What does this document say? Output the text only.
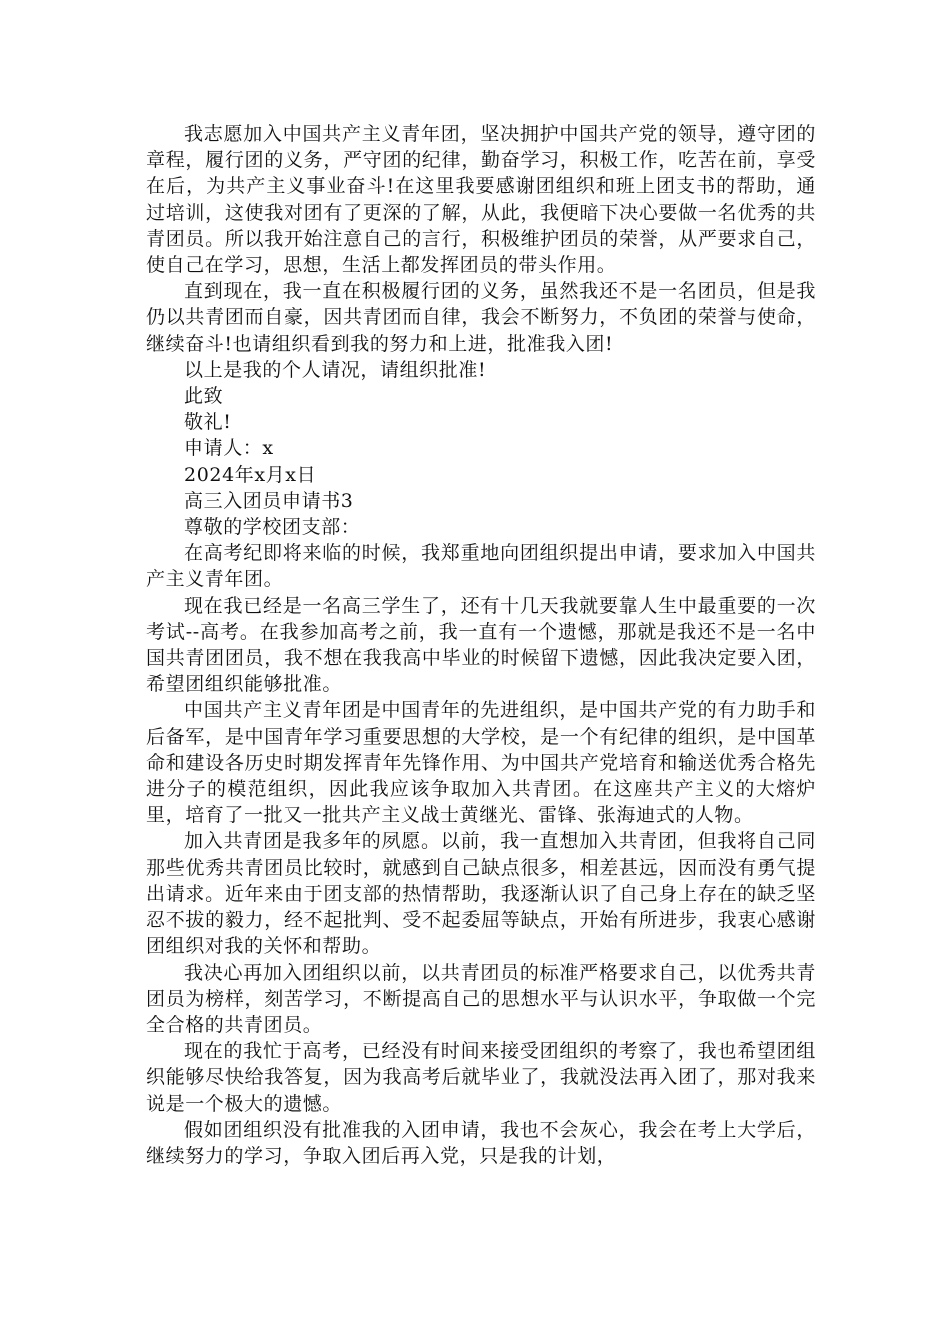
我志愿加入中国共产主义青年团，坚决拥护中国共产党的领导，遵守团的章程，履行团的义务，严守团的纪律，勤奋学习，积极工作，吃苦在前，享受在后，为共产主义事业奋斗!在这里我要感谢团组织和班上团支书的帮助，通过培训，这使我对团有了更深的了解，从此，我便暗下决心要做一名优秀的共青团员。所以我开始注意自己的言行，积极维护团员的荣誉，从严要求自己，使自己在学习，思想，生活上都发挥团员的带头作用。

直到现在，我一直在积极履行团的义务，虽然我还不是一名团员，但是我仍以共青团而自豪，因共青团而自律，我会不断努力，不负团的荣誉与使命，继续奋斗!也请组织看到我的努力和上进，批准我入团!

以上是我的个人请况，请组织批准!

此致

敬礼!

申请人：x

2024年x月x日

高三入团员申请书3

尊敬的学校团支部：

在高考纪即将来临的时候，我郑重地向团组织提出申请，要求加入中国共产主义青年团。

现在我已经是一名高三学生了，还有十几天我就要靠人生中最重要的一次考试--高考。在我参加高考之前，我一直有一个遗憾，那就是我还不是一名中国共青团团员，我不想在我我高中毕业的时候留下遗憾，因此我决定要入团，希望团组织能够批准。

中国共产主义青年团是中国青年的先进组织，是中国共产党的有力助手和后备军，是中国青年学习重要思想的大学校，是一个有纪律的组织，是中国革命和建设各历史时期发挥青年先锋作用、为中国共产党培育和输送优秀合格先进分子的模范组织，因此我应该争取加入共青团。在这座共产主义的大熔炉里，培育了一批又一批共产主义战士黄继光、雷锋、张海迪式的人物。

加入共青团是我多年的夙愿。以前，我一直想加入共青团，但我将自己同那些优秀共青团员比较时，就感到自己缺点很多，相差甚远，因而没有勇气提出请求。近年来由于团支部的热情帮助，我逐渐认识了自己身上存在的缺乏坚忍不拔的毅力，经不起批判、受不起委屈等缺点，开始有所进步，我衷心感谢团组织对我的关怀和帮助。

我决心再加入团组织以前，以共青团员的标准严格要求自己，以优秀共青团员为榜样，刻苦学习，不断提高自己的思想水平与认识水平，争取做一个完全合格的共青团员。

现在的我忙于高考，已经没有时间来接受团组织的考察了，我也希望团组织能够尽快给我答复，因为我高考后就毕业了，我就没法再入团了，那对我来说是一个极大的遗憾。

假如团组织没有批准我的入团申请，我也不会灰心，我会在考上大学后，继续努力的学习，争取入团后再入党，只是我的计划，
